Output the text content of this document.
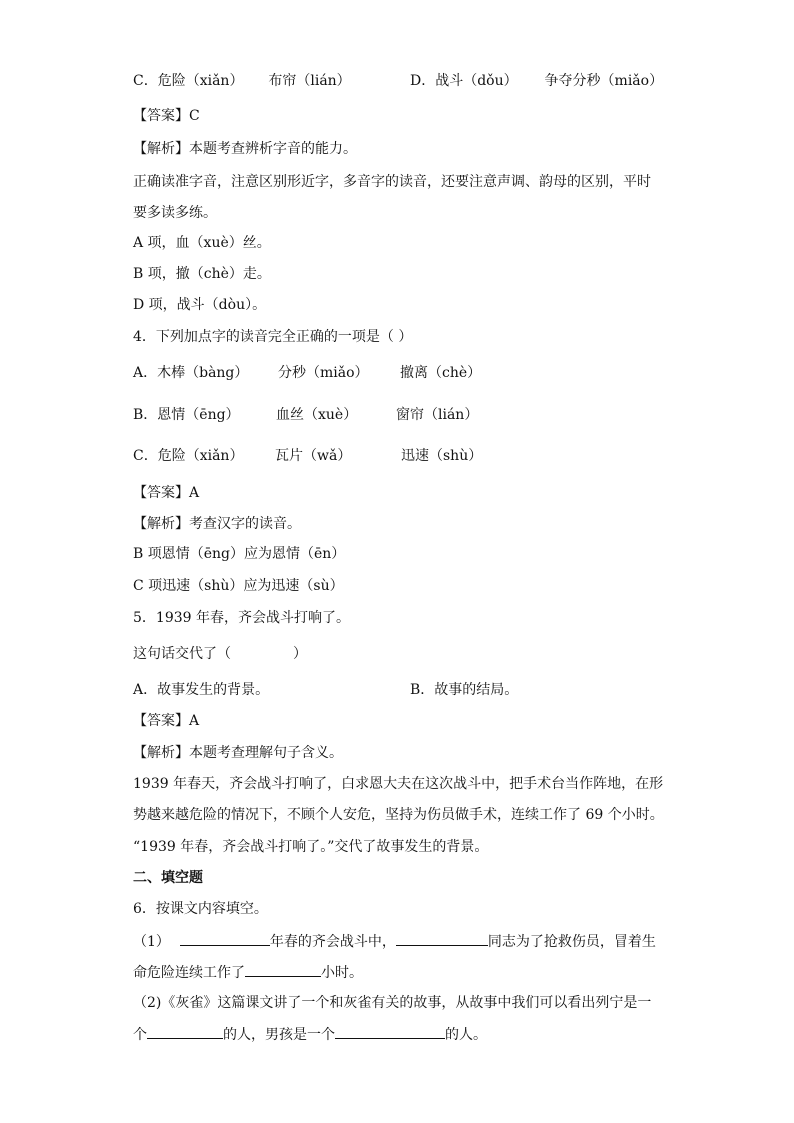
C．危险（xiǎn） 布帘（lián）	D．战斗（dǒu） 争夺分秒（miǎo）
【答案】C
【解析】本题考查辨析字音的能力。
正确读准字音，注意区别形近字，多音字的读音，还要注意声调、韵母的区别，平时
要多读多练。
A 项，血（xuè）丝。
B 项，撤（chè）走。
D 项，战斗（dòu）。
4．下列加点字的读音完全正确的一项是（ ）
A．木棒（bàng） 分秒（miǎo） 撤离（chè）
B．恩情（ēng）	血丝（xuè）	窗帘（lián）
C．危险（xiǎn） 瓦片（wǎ）	迅速（shù）
【答案】A
【解析】考查汉字的读音。
B 项恩情（ēng）应为恩情（ēn）
C 项迅速（shù）应为迅速（sù）
5．1939 年春，齐会战斗打响了。
这句话交代了（	）
A．故事发生的背景。	B．故事的结局。
【答案】A
【解析】本题考查理解句子含义。
1939 年春天，齐会战斗打响了，白求恩大夫在这次战斗中，把手术台当作阵地，在形
势越来越危险的情况下，不顾个人安危，坚持为伤员做手术，连续工作了 69 个小时。
“1939 年春，齐会战斗打响了。”交代了故事发生的背景。
二、填空题
6．按课文内容填空。
（1）	年春的齐会战斗中，	同志为了抢救伤员，冒着生
命危险连续工作了	小时。
（2)《灰雀》这篇课文讲了一个和灰雀有关的故事，从故事中我们可以看出列宁是一
个	的人，男孩是一个	的人。
